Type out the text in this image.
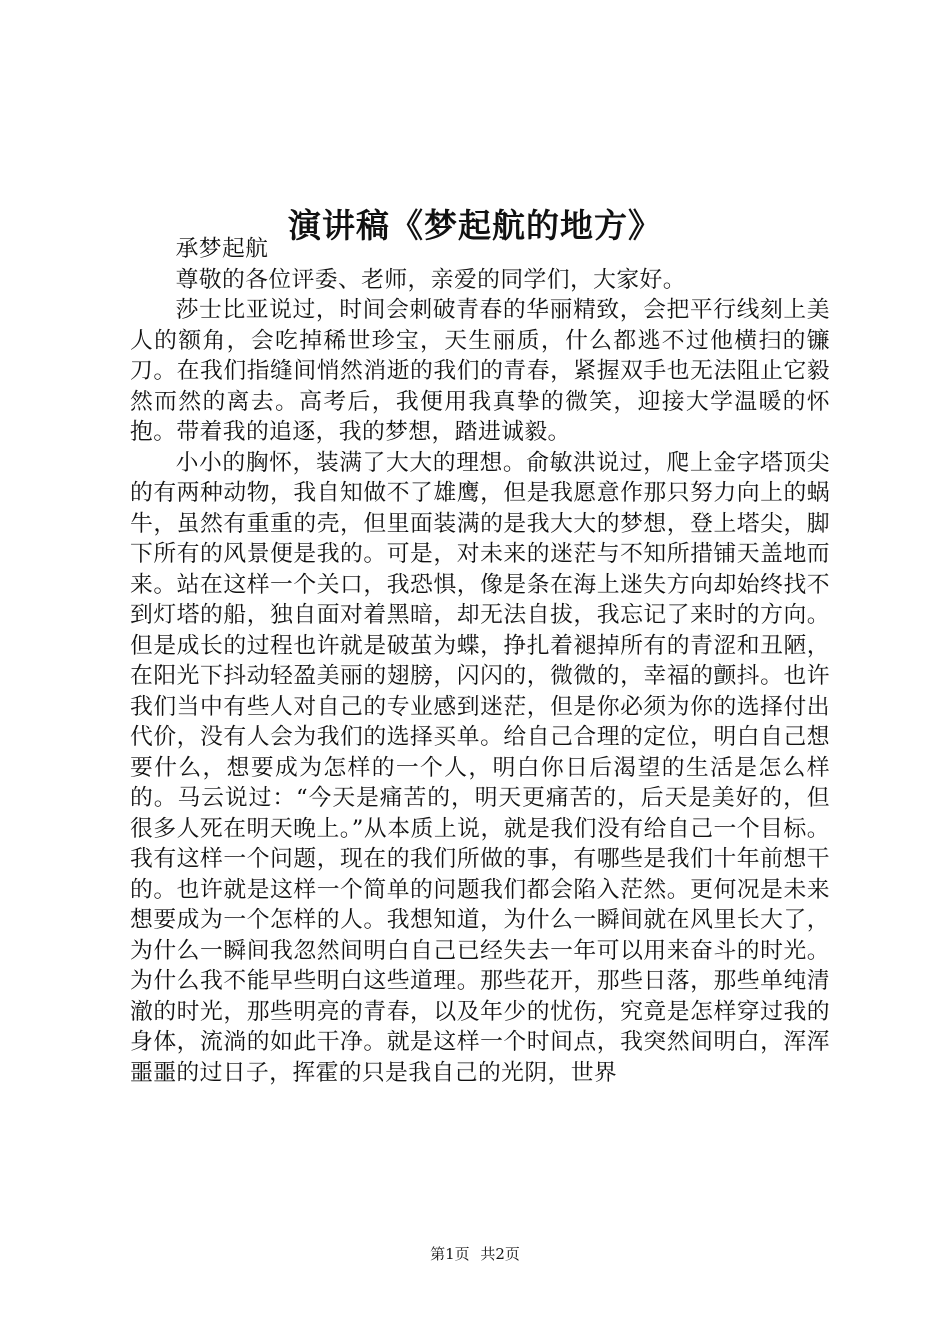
演讲稿《梦起航的地方》

承梦起航

尊敬的各位评委、老师，亲爱的同学们，大家好。

莎士比亚说过，时间会刺破青春的华丽精致，会把平行线刻上美人的额角，会吃掉稀世珍宝，天生丽质，什么都逃不过他横扫的镰刀。在我们指缝间悄然消逝的我们的青春，紧握双手也无法阻止它毅然而然的离去。高考后，我便用我真挚的微笑，迎接大学温暖的怀抱。带着我的追逐，我的梦想，踏进诚毅。

小小的胸怀，装满了大大的理想。俞敏洪说过，爬上金字塔顶尖的有两种动物，我自知做不了雄鹰，但是我愿意作那只努力向上的蜗牛，虽然有重重的壳，但里面装满的是我大大的梦想，登上塔尖，脚下所有的风景便是我的。可是，对未来的迷茫与不知所措铺天盖地而来。站在这样一个关口，我恐惧，像是条在海上迷失方向却始终找不到灯塔的船，独自面对着黑暗，却无法自拔，我忘记了来时的方向。但是成长的过程也许就是破茧为蝶，挣扎着褪掉所有的青涩和丑陋，在阳光下抖动轻盈美丽的翅膀，闪闪的，微微的，幸福的颤抖。也许我们当中有些人对自己的专业感到迷茫，但是你必须为你的选择付出代价，没有人会为我们的选择买单。给自己合理的定位，明白自己想要什么，想要成为怎样的一个人，明白你日后渴望的生活是怎么样的。马云说过：“今天是痛苦的，明天更痛苦的，后天是美好的，但很多人死在明天晚上。”从本质上说，就是我们没有给自己一个目标。我有这样一个问题，现在的我们所做的事，有哪些是我们十年前想干的。也许就是这样一个简单的问题我们都会陷入茫然。更何况是未来想要成为一个怎样的人。我想知道，为什么一瞬间就在风里长大了，为什么一瞬间我忽然间明白自己已经失去一年可以用来奋斗的时光。为什么我不能早些明白这些道理。那些花开，那些日落，那些单纯清澈的时光，那些明亮的青春，以及年少的忧伤，究竟是怎样穿过我的身体，流淌的如此干净。就是这样一个时间点，我突然间明白，浑浑噩噩的过日子，挥霍的只是我自己的光阴，世界

第1页 共2页
